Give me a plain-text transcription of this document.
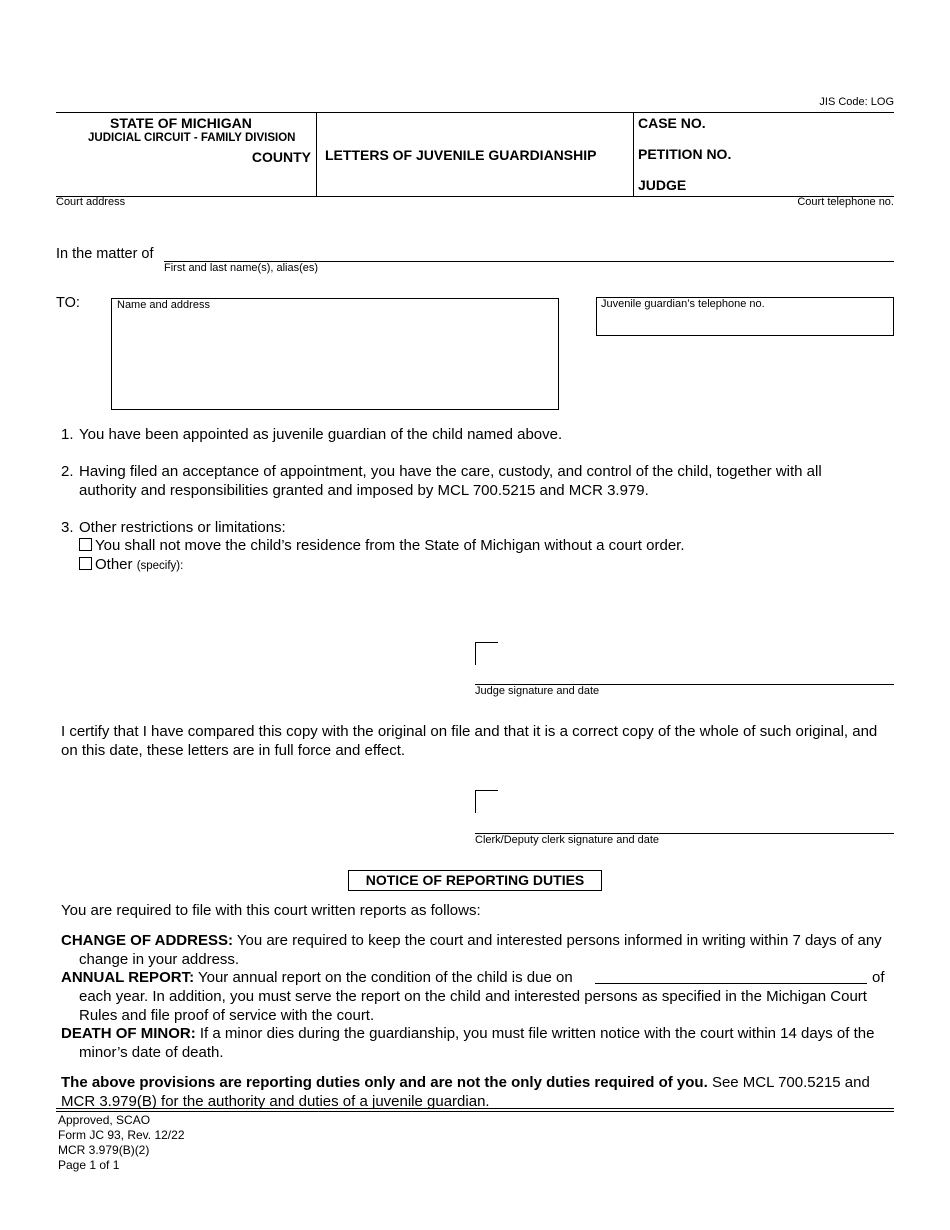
JIS Code: LOG
STATE OF MICHIGAN
JUDICIAL CIRCUIT - FAMILY DIVISION
COUNTY LETTERS OF JUVENILE GUARDIANSHIP
CASE NO.
PETITION NO.
JUDGE
Court address	Court telephone no.
In the matter of
First and last name(s), alias(es)
TO:	Name and address	Juvenile guardian’s telephone no.
1. You have been appointed as juvenile guardian of the child named above.
2. Having filed an acceptance of appointment, you have the care, custody, and control of the child, together with all authority and responsibilities granted and imposed by MCL 700.5215 and MCR 3.979.
3. Other restrictions or limitations:
You shall not move the child’s residence from the State of Michigan without a court order.
Other (specify):
Judge signature and date
I certify that I have compared this copy with the original on file and that it is a correct copy of the whole of such original, and on this date, these letters are in full force and effect.
Clerk/Deputy clerk signature and date
NOTICE OF REPORTING DUTIES
You are required to file with this court written reports as follows:
CHANGE OF ADDRESS: You are required to keep the court and interested persons informed in writing within 7 days of any change in your address.
ANNUAL REPORT: Your annual report on the condition of the child is due on	of
each year. In addition, you must serve the report on the child and interested persons as specified in the Michigan Court Rules and file proof of service with the court.
DEATH OF MINOR: If a minor dies during the guardianship, you must file written notice with the court within 14 days of the minor’s date of death.
The above provisions are reporting duties only and are not the only duties required of you. See MCL 700.5215 and MCR 3.979(B) for the authority and duties of a juvenile guardian.
Approved, SCAO
Form JC 93, Rev. 12/22
MCR 3.979(B)(2)
Page 1 of 1
